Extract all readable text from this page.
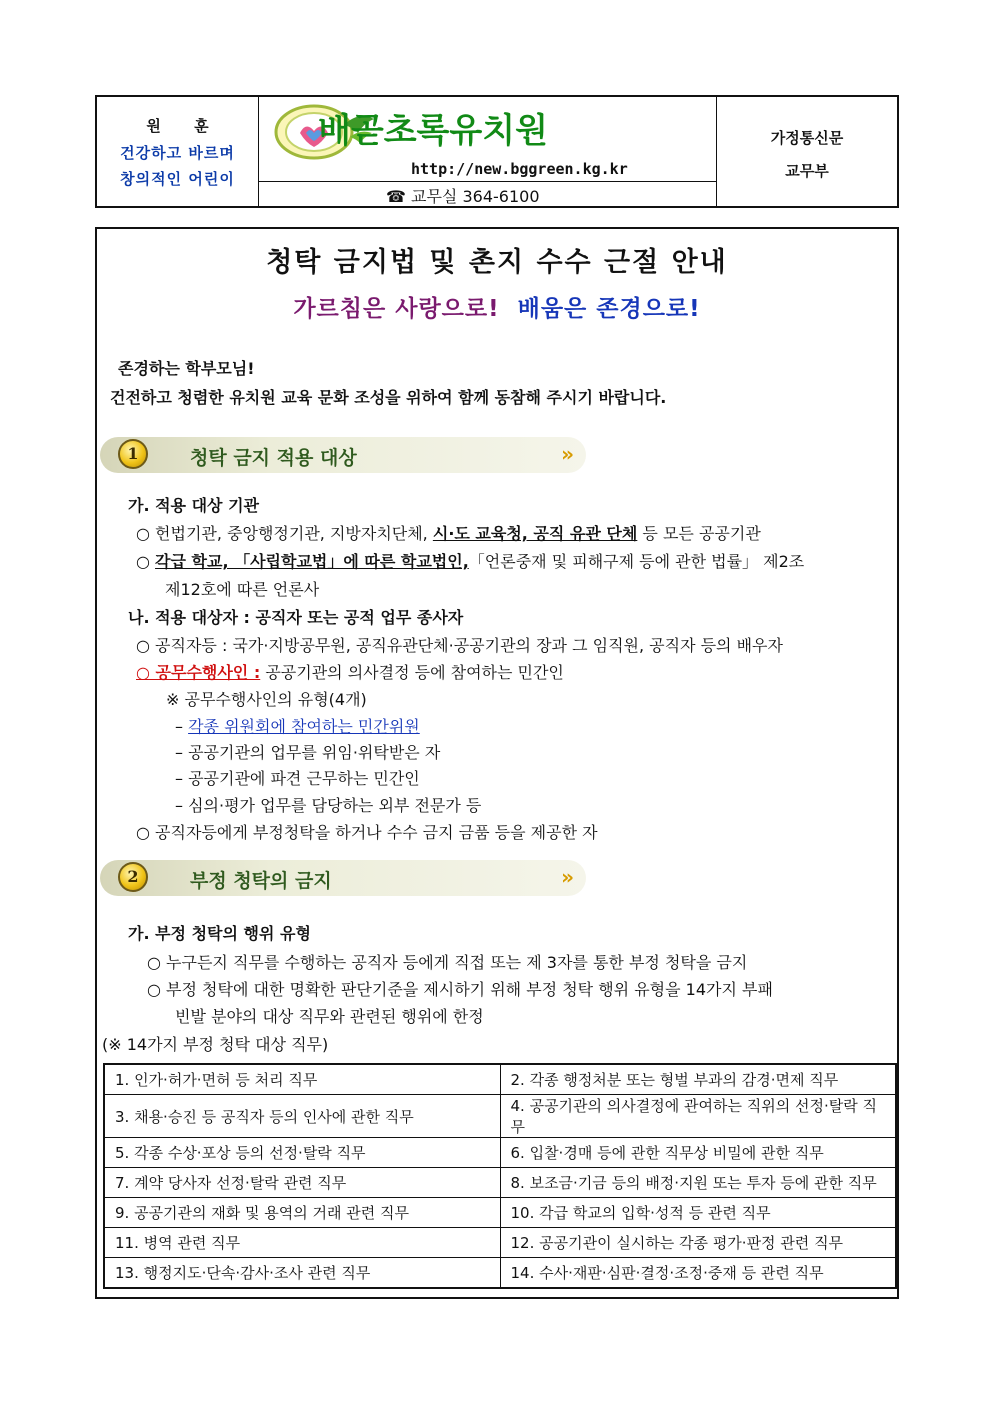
원 훈
건강하고 바르며
창의적인 어린이
가정통신문
교무부
배곧초록유치원
http://new.bggreen.kg.kr
☎ 교무실 364-6100
청탁 금지법 및 촌지 수수 근절 안내
가르침은 사랑으로! 배움은 존경으로!
존경하는 학부모님!
건전하고 청렴한 유치원 교육 문화 조성을 위하여 함께 동참해 주시기 바랍니다.
1	청탁 금지 적용 대상	»
가. 적용 대상 기관
○ 헌법기관, 중앙행정기관, 지방자치단체, 시·도 교육청, 공직 유관 단체 등 모든 공공기관
○ 각급 학교, 「사립학교법」에 따른 학교법인,「언론중재 및 피해구제 등에 관한 법률」 제2조
제12호에 따른 언론사
나. 적용 대상자 : 공직자 또는 공적 업무 종사자
○ 공직자등 : 국가·지방공무원, 공직유관단체·공공기관의 장과 그 임직원, 공직자 등의 배우자
○ 공무수행사인 : 공공기관의 의사결정 등에 참여하는 민간인
※ 공무수행사인의 유형(4개)
– 각종 위원회에 참여하는 민간위원
– 공공기관의 업무를 위임·위탁받은 자
– 공공기관에 파견 근무하는 민간인
– 심의·평가 업무를 담당하는 외부 전문가 등
○ 공직자등에게 부정청탁을 하거나 수수 금지 금품 등을 제공한 자
2	부정 청탁의 금지	»
가. 부정 청탁의 행위 유형
○ 누구든지 직무를 수행하는 공직자 등에게 직접 또는 제 3자를 통한 부정 청탁을 금지
○ 부정 청탁에 대한 명확한 판단기준을 제시하기 위해 부정 청탁 행위 유형을 14가지 부패
빈발 분야의 대상 직무와 관련된 행위에 한정
(※ 14가지 부정 청탁 대상 직무)
1. 인가·허가·면허 등 처리 직무	2. 각종 행정처분 또는 형벌 부과의 감경·면제 직무
3. 채용·승진 등 공직자 등의 인사에 관한 직무	4. 공공기관의 의사결정에 관여하는 직위의 선정·탈락 직무
5. 각종 수상·포상 등의 선정·탈락 직무	6. 입찰·경매 등에 관한 직무상 비밀에 관한 직무
7. 계약 당사자 선정·탈락 관련 직무	8. 보조금·기금 등의 배정·지원 또는 투자 등에 관한 직무
9. 공공기관의 재화 및 용역의 거래 관련 직무	10. 각급 학교의 입학·성적 등 관련 직무
11. 병역 관련 직무	12. 공공기관이 실시하는 각종 평가·판정 관련 직무
13. 행정지도·단속·감사·조사 관련 직무	14. 수사·재판·심판·결정·조정·중재 등 관련 직무
